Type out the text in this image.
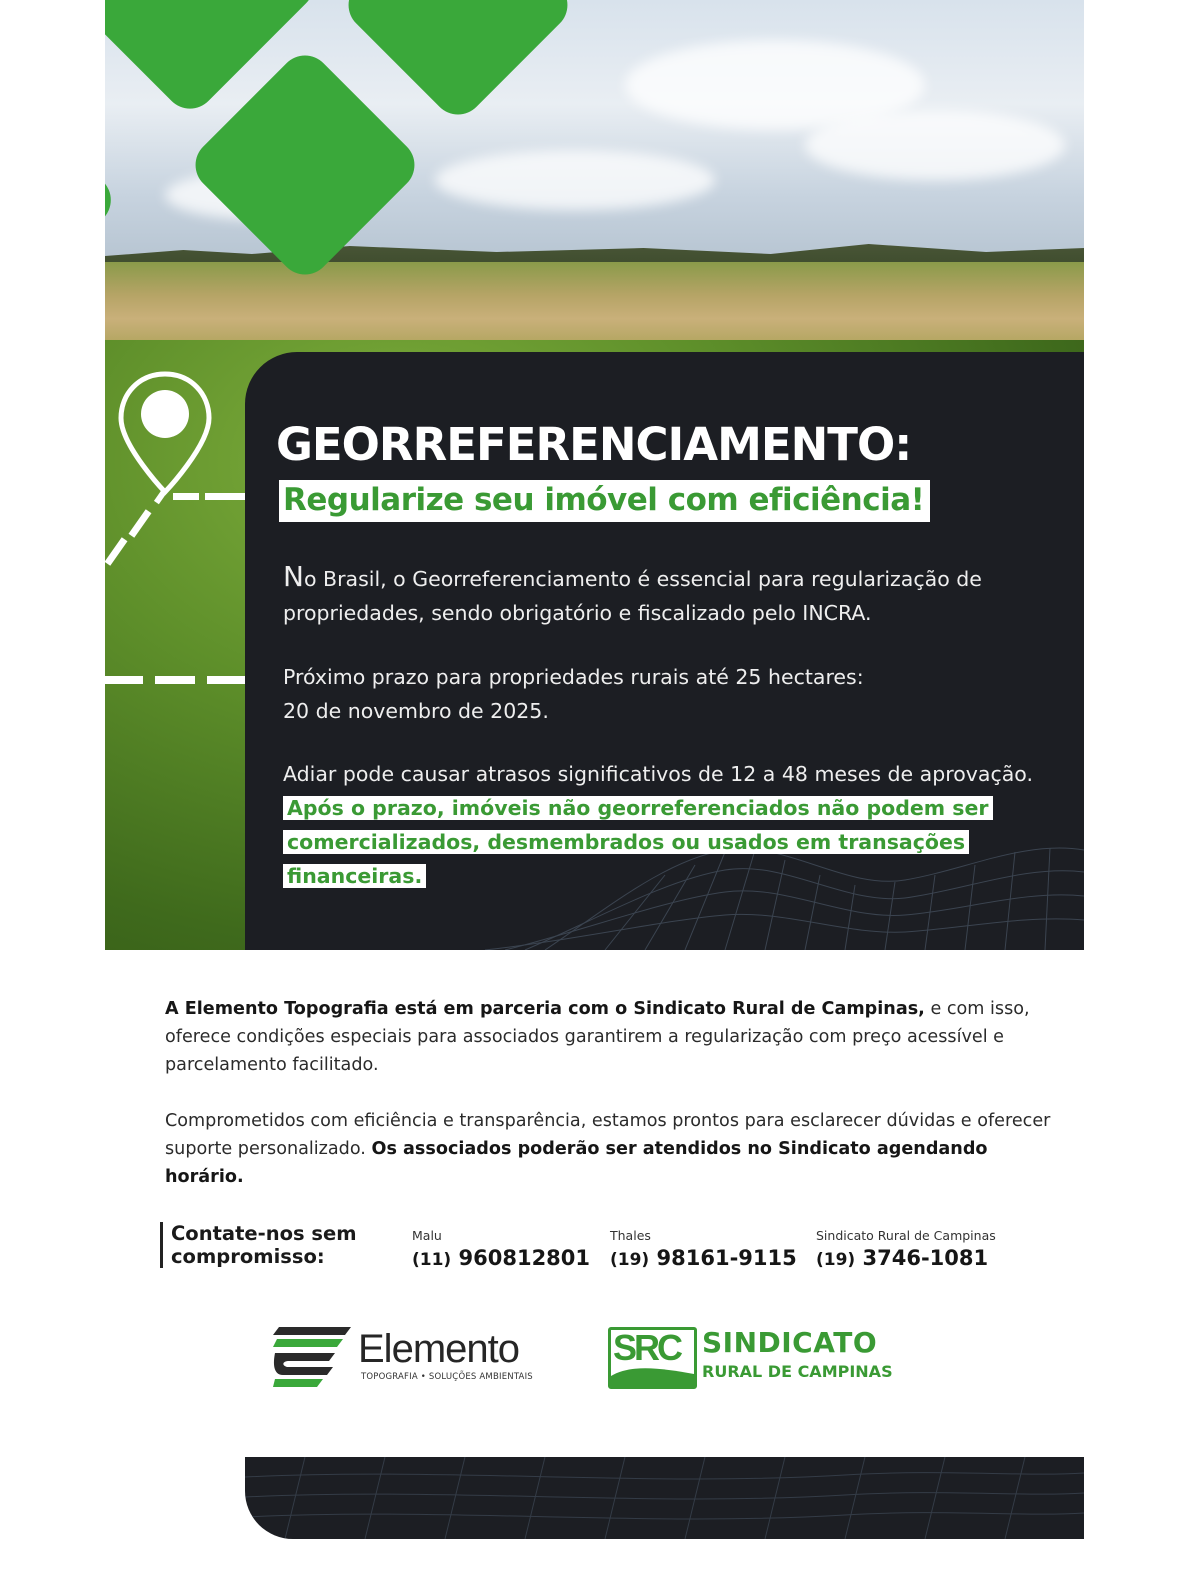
GEORREFERENCIAMENTO:

Regularize seu imóvel com eficiência!

No Brasil, o Georreferenciamento é essencial para regularização de propriedades, sendo obrigatório e fiscalizado pelo INCRA.

Próximo prazo para propriedades rurais até 25 hectares:
20 de novembro de 2025.

Adiar pode causar atrasos significativos de 12 a 48 meses de aprovação. Após o prazo, imóveis não georreferenciados não podem ser comercializados, desmembrados ou usados em transações financeiras.

A Elemento Topografia está em parceria com o Sindicato Rural de Campinas, e com isso, oferece condições especiais para associados garantirem a regularização com preço acessível e parcelamento facilitado.

Comprometidos com eficiência e transparência, estamos prontos para esclarecer dúvidas e oferecer suporte personalizado. Os associados poderão ser atendidos no Sindicato agendando horário.

Contate-nos sem
compromisso:
Malu
(11) 960812801
Thales
(19) 98161-9115
Sindicato Rural de Campinas
(19) 3746-1081

Elemento

TOPOGRAFIA • SOLUÇÕES AMBIENTAIS
SRC SINDICATO
RURAL DE CAMPINAS
